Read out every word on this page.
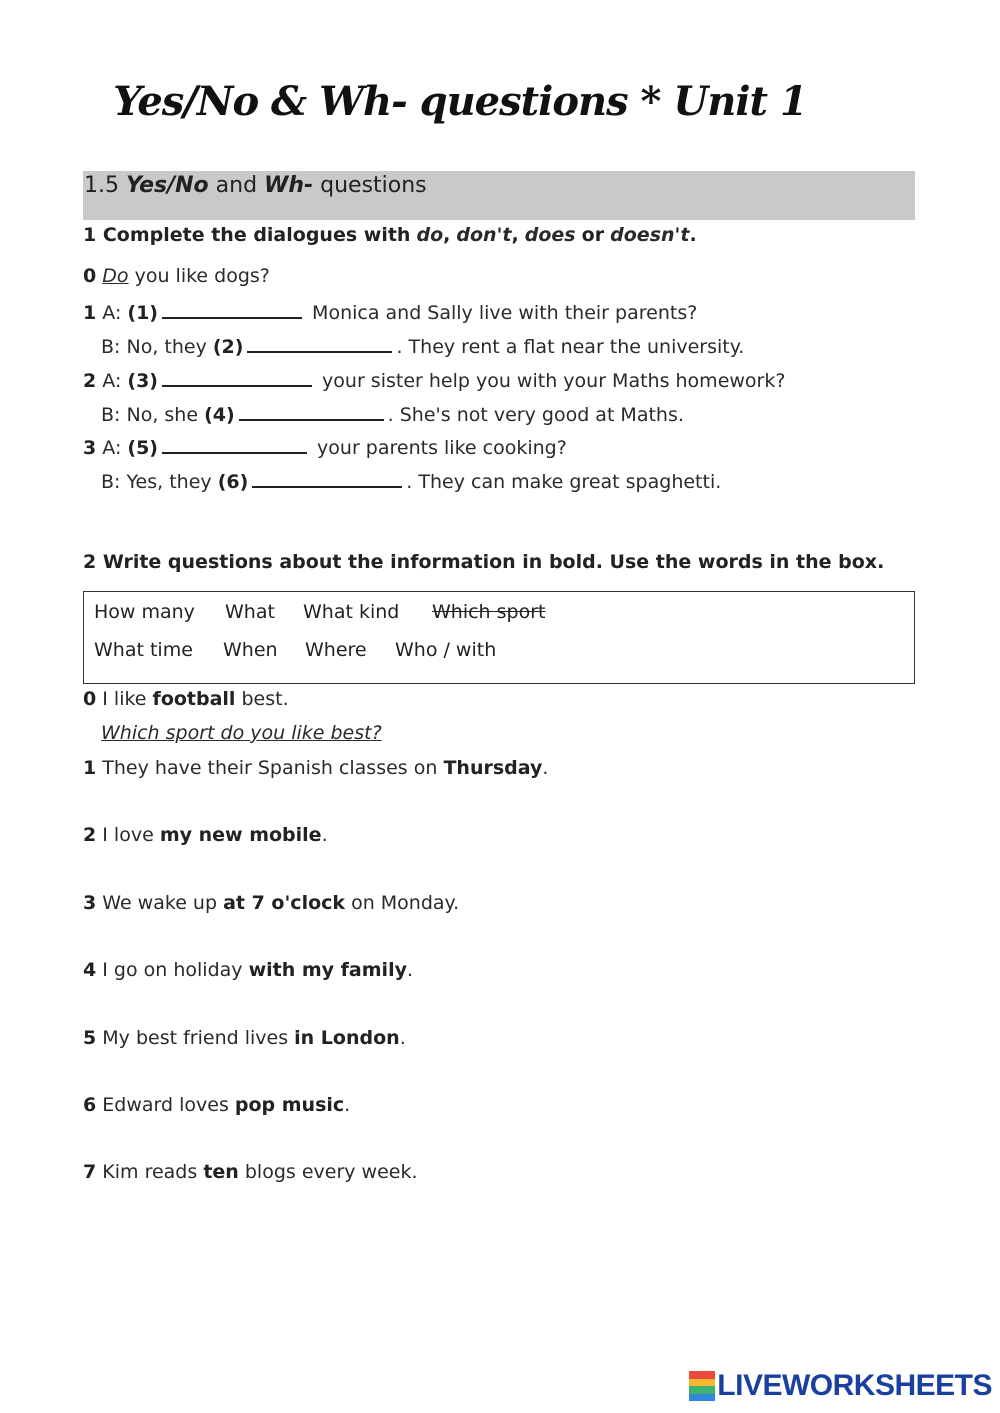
Yes/No & Wh- questions * Unit 1
1.5 Yes/No and Wh- questions
1 Complete the dialogues with do, don't, does or doesn't.
0 Do you like dogs?
1 A: (1)	Monica and Sally live with their parents?
B: No, they (2)	. They rent a flat near the university.
2 A: (3)	your sister help you with your Maths homework?
B: No, she (4)	. She's not very good at Maths.
3 A: (5)	your parents like cooking?
B: Yes, they (6)	. They can make great spaghetti.
2 Write questions about the information in bold. Use the words in the box.
How many What What kind Which sport
What time When Where Who / with
0 I like football best.
Which sport do you like best?
1 They have their Spanish classes on Thursday.
2 I love my new mobile.
3 We wake up at 7 o'clock on Monday.
4 I go on holiday with my family.
5 My best friend lives in London.
6 Edward loves pop music.
7 Kim reads ten blogs every week.
LIVEWORKSHEETS
